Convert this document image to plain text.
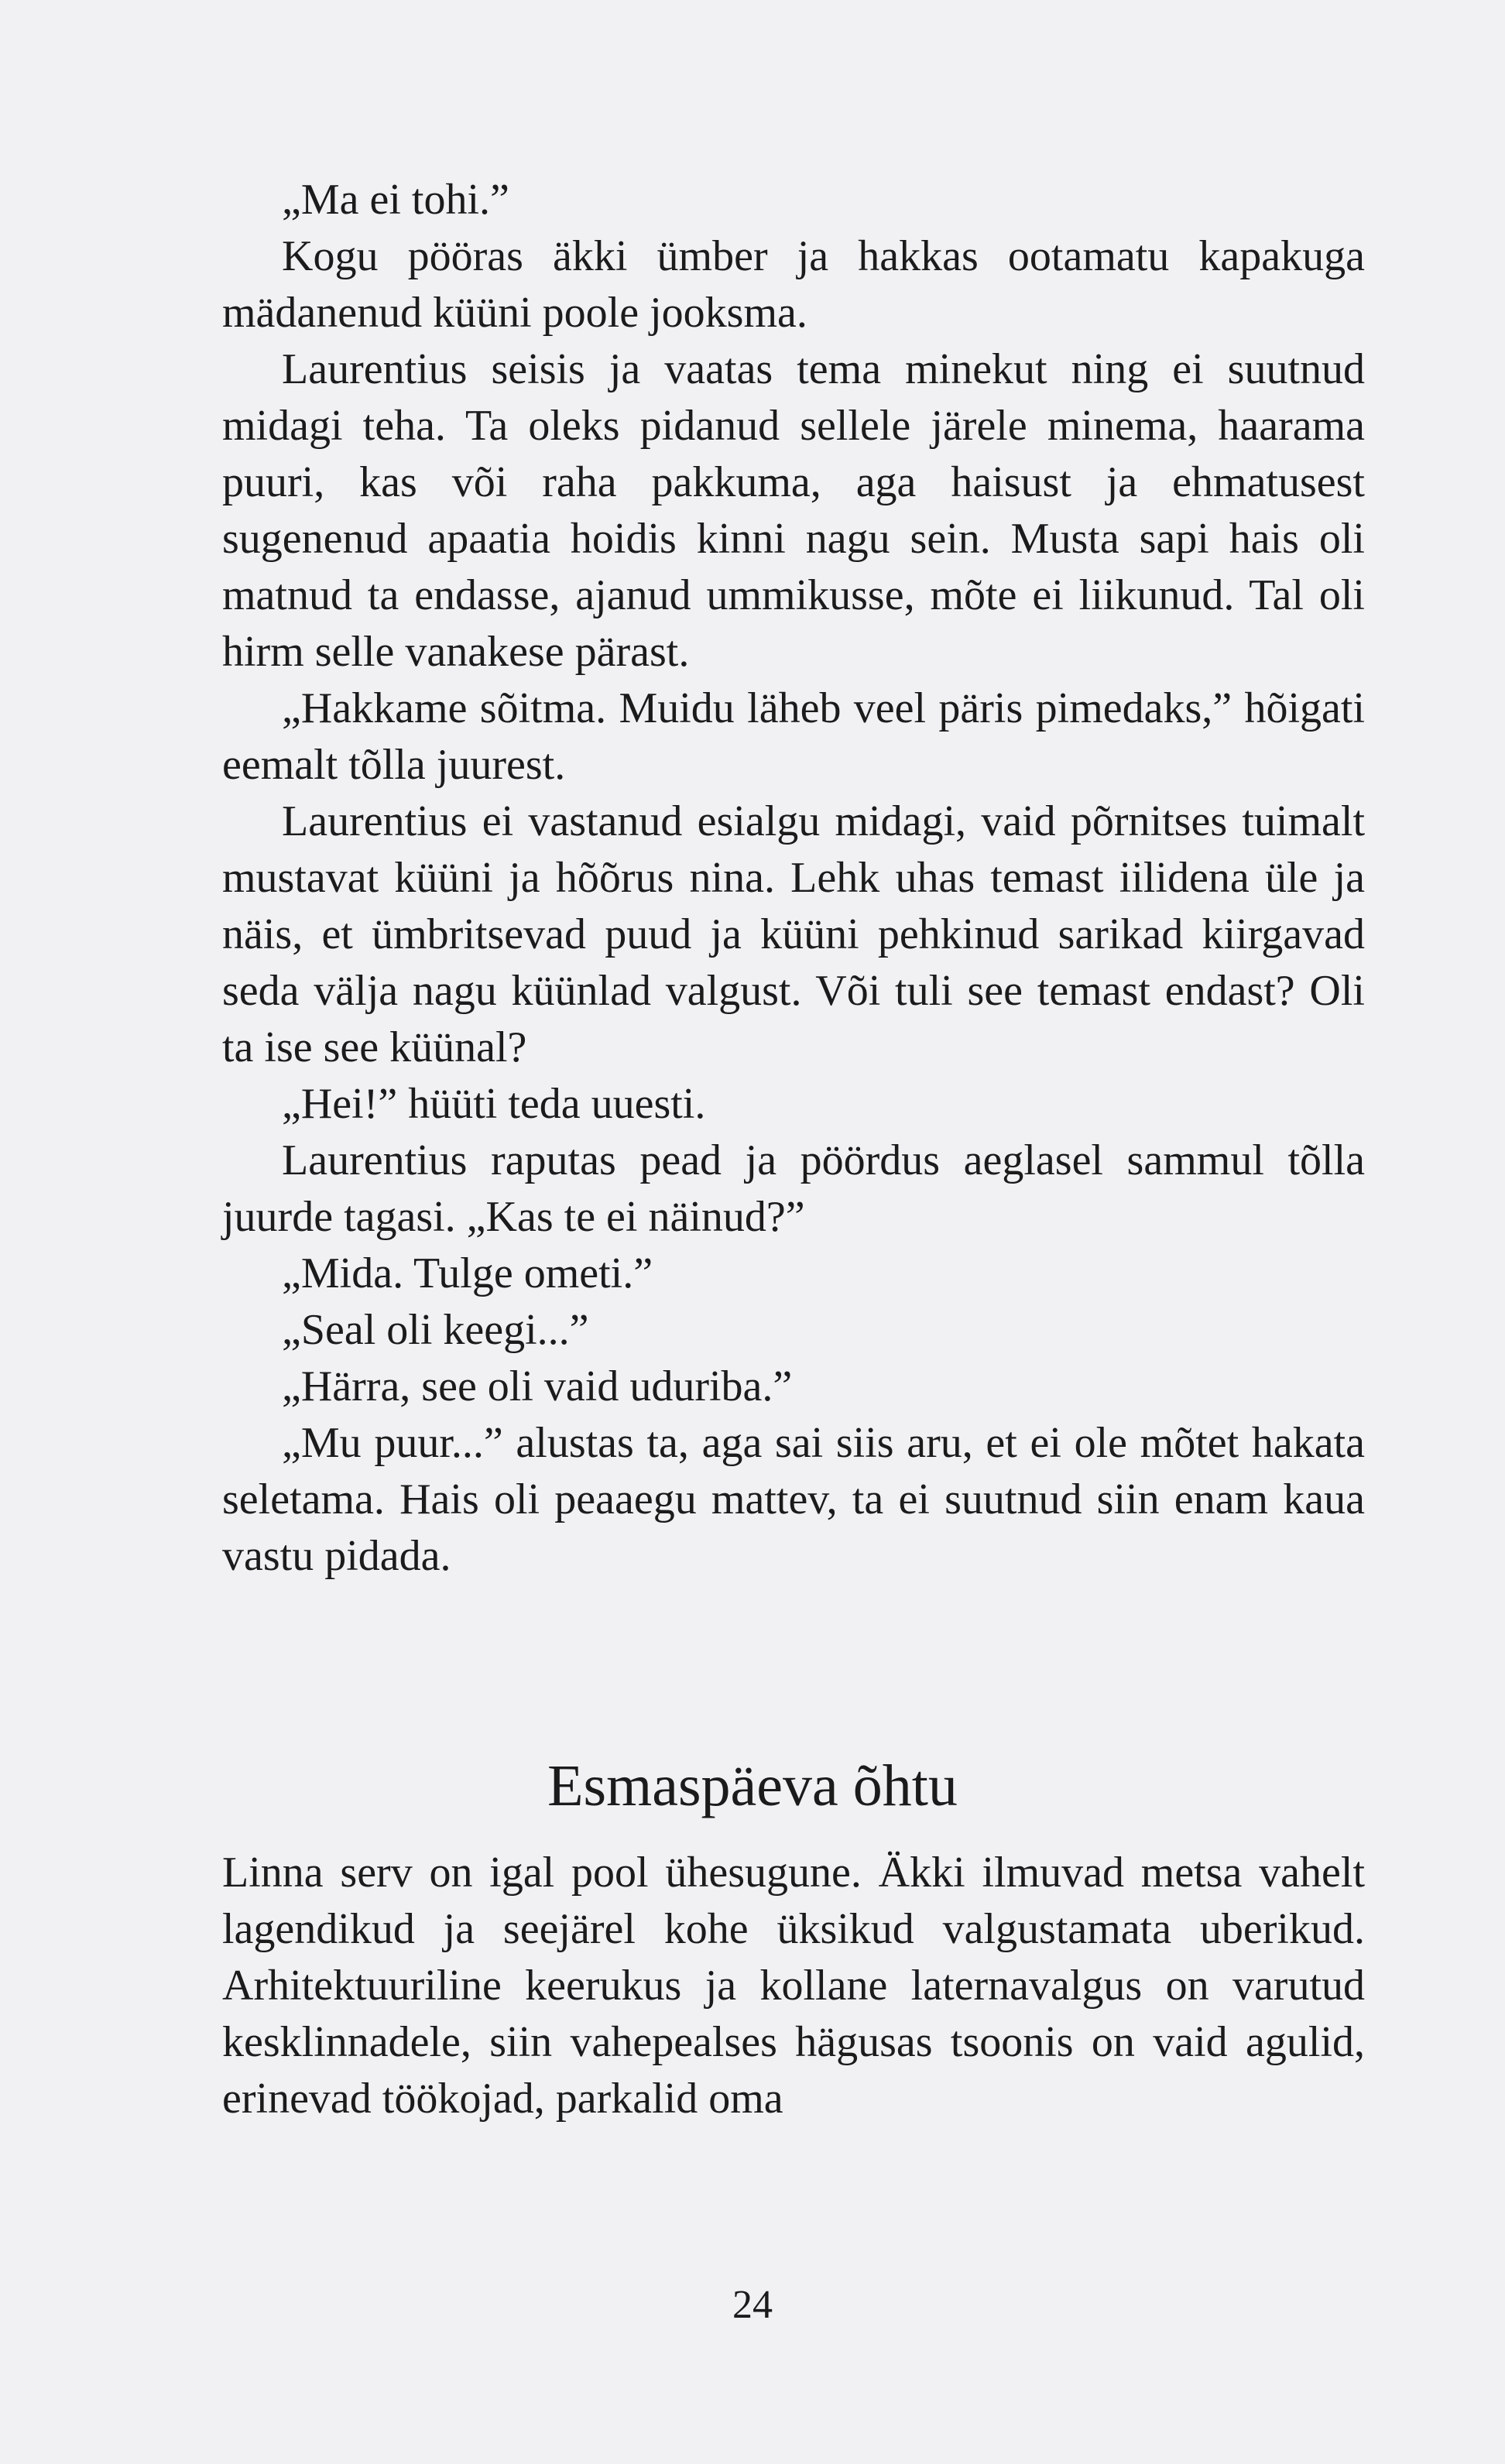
„Ma ei tohi.”

Kogu pööras äkki ümber ja hakkas ootamatu kapakuga mädanenud küüni poole jooksma.

Laurentius seisis ja vaatas tema minekut ning ei suutnud midagi teha. Ta oleks pidanud sellele järele minema, haarama puuri, kas või raha pakkuma, aga haisust ja ehmatusest sugenenud apaatia hoidis kinni nagu sein. Musta sapi hais oli matnud ta endasse, ajanud ummikusse, mõte ei liikunud. Tal oli hirm selle vanakese pärast.

„Hakkame sõitma. Muidu läheb veel päris pimedaks,” hõigati eemalt tõlla juurest.

Laurentius ei vastanud esialgu midagi, vaid põrnitses tuimalt mustavat küüni ja hõõrus nina. Lehk uhas temast iilidena üle ja näis, et ümbritsevad puud ja küüni pehkinud sarikad kiirgavad seda välja nagu küünlad valgust. Või tuli see temast endast? Oli ta ise see küünal?

„Hei!” hüüti teda uuesti.

Laurentius raputas pead ja pöördus aeglasel sammul tõlla juurde tagasi. „Kas te ei näinud?”

„Mida. Tulge ometi.”

„Seal oli keegi...”

„Härra, see oli vaid uduriba.”

„Mu puur...” alustas ta, aga sai siis aru, et ei ole mõtet hakata seletama. Hais oli peaaegu mattev, ta ei suutnud siin enam kaua vastu pidada.

Esmaspäeva õhtu

Linna serv on igal pool ühesugune. Äkki ilmuvad metsa vahelt lagendikud ja seejärel kohe üksikud valgustamata uberikud. Arhitektuuriline keerukus ja kollane laternavalgus on varutud kesklinnadele, siin vahepealses hägusas tsoonis on vaid agulid, erinevad töökojad, parkalid oma

24
